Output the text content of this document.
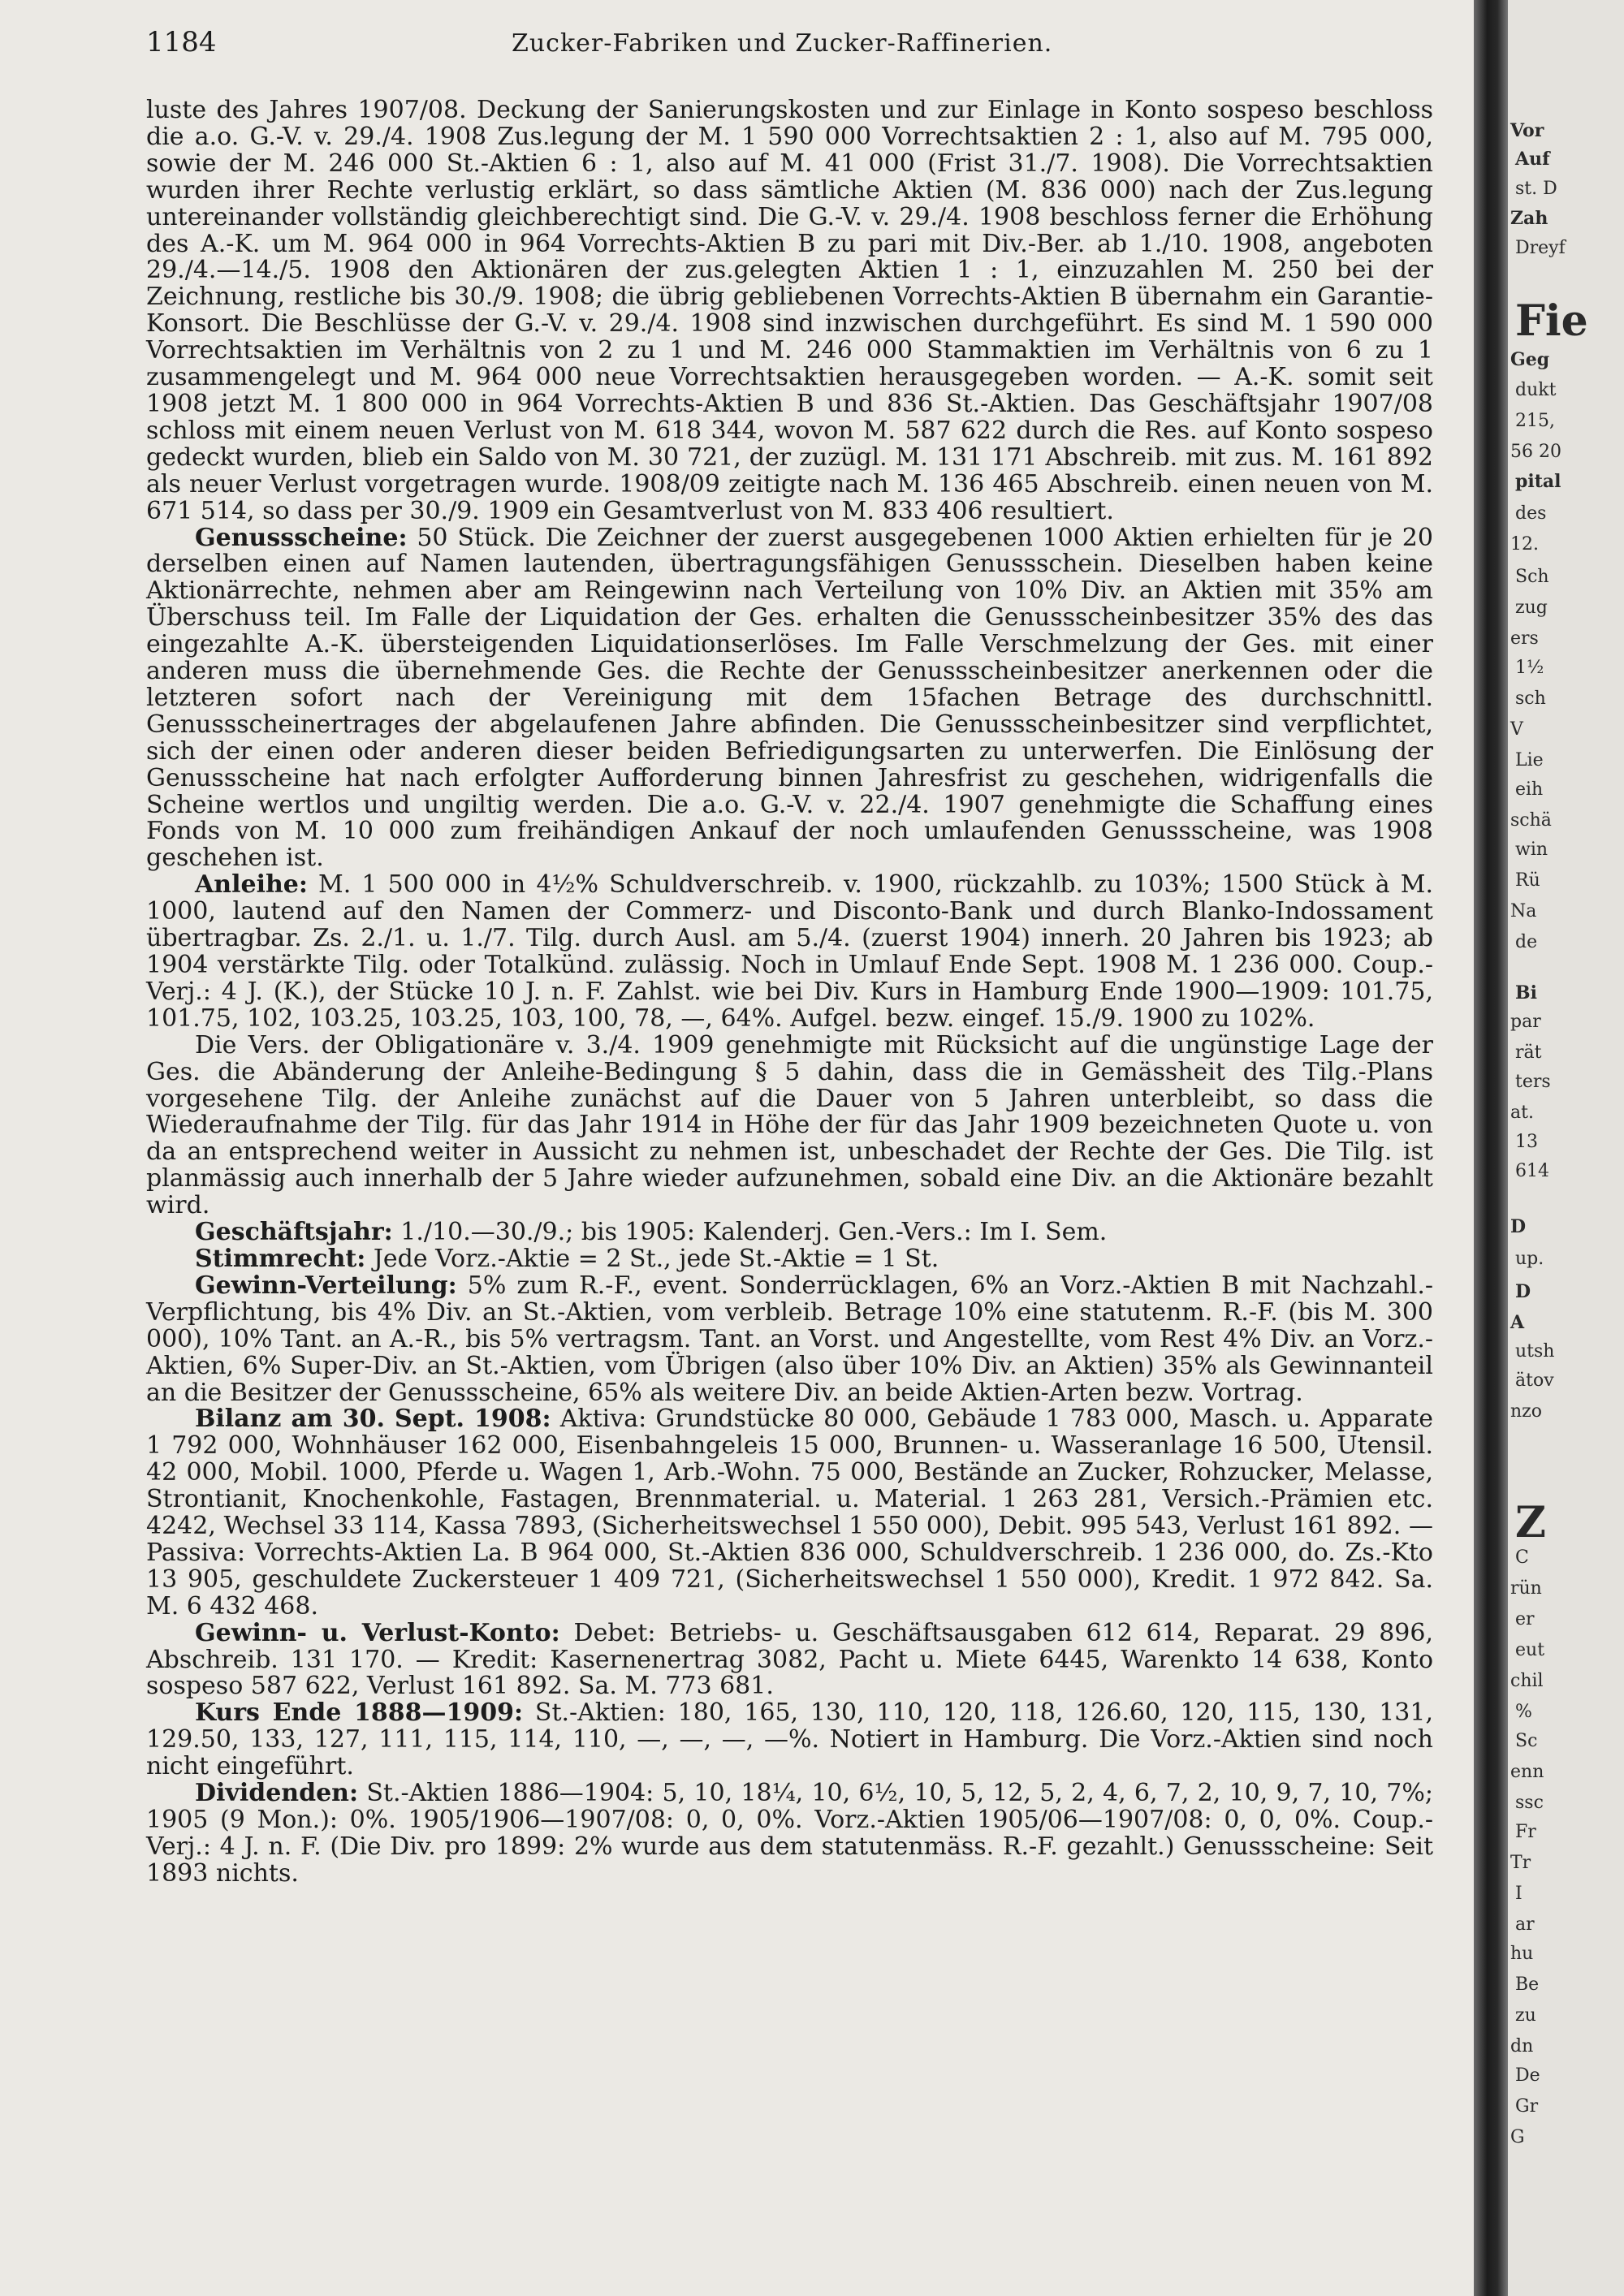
1184	Zucker-Fabriken und Zucker-Raffinerien.

luste des Jahres 1907/08. Deckung der Sanierungskosten und zur Einlage in Konto sospeso beschloss die a.o. G.-V. v. 29./4. 1908 Zus.legung der M. 1 590 000 Vorrechtsaktien 2 : 1, also auf M. 795 000, sowie der M. 246 000 St.-Aktien 6 : 1, also auf M. 41 000 (Frist 31./7. 1908). Die Vorrechtsaktien wurden ihrer Rechte verlustig erklärt, so dass sämtliche Aktien (M. 836 000) nach der Zus.legung untereinander vollständig gleichberechtigt sind. Die G.-V. v. 29./4. 1908 beschloss ferner die Erhöhung des A.-K. um M. 964 000 in 964 Vorrechts-Aktien B zu pari mit Div.-Ber. ab 1./10. 1908, angeboten 29./4.—14./5. 1908 den Aktionären der zus.gelegten Aktien 1 : 1, einzuzahlen M. 250 bei der Zeichnung, restliche bis 30./9. 1908; die übrig gebliebenen Vorrechts-Aktien B übernahm ein Garantie-Konsort. Die Beschlüsse der G.-V. v. 29./4. 1908 sind inzwischen durchgeführt. Es sind M. 1 590 000 Vorrechtsaktien im Verhältnis von 2 zu 1 und M. 246 000 Stammaktien im Verhältnis von 6 zu 1 zusammengelegt und M. 964 000 neue Vorrechtsaktien herausgegeben worden. — A.-K. somit seit 1908 jetzt M. 1 800 000 in 964 Vorrechts-Aktien B und 836 St.-Aktien. Das Geschäftsjahr 1907/08 schloss mit einem neuen Verlust von M. 618 344, wovon M. 587 622 durch die Res. auf Konto sospeso gedeckt wurden, blieb ein Saldo von M. 30 721, der zuzügl. M. 131 171 Abschreib. mit zus. M. 161 892 als neuer Verlust vorgetragen wurde. 1908/09 zeitigte nach M. 136 465 Abschreib. einen neuen von M. 671 514, so dass per 30./9. 1909 ein Gesamtverlust von M. 833 406 resultiert.

Genussscheine: 50 Stück. Die Zeichner der zuerst ausgegebenen 1000 Aktien erhielten für je 20 derselben einen auf Namen lautenden, übertragungsfähigen Genussschein. Dieselben haben keine Aktionärrechte, nehmen aber am Reingewinn nach Verteilung von 10% Div. an Aktien mit 35% am Überschuss teil. Im Falle der Liquidation der Ges. erhalten die Genussscheinbesitzer 35% des das eingezahlte A.-K. übersteigenden Liquidationserlöses. Im Falle Verschmelzung der Ges. mit einer anderen muss die übernehmende Ges. die Rechte der Genussscheinbesitzer anerkennen oder die letzteren sofort nach der Vereinigung mit dem 15fachen Betrage des durchschnittl. Genussscheinertrages der abgelaufenen Jahre abfinden. Die Genussscheinbesitzer sind verpflichtet, sich der einen oder anderen dieser beiden Befriedigungsarten zu unterwerfen. Die Einlösung der Genussscheine hat nach erfolgter Aufforderung binnen Jahresfrist zu geschehen, widrigenfalls die Scheine wertlos und ungiltig werden. Die a.o. G.-V. v. 22./4. 1907 genehmigte die Schaffung eines Fonds von M. 10 000 zum freihändigen Ankauf der noch umlaufenden Genussscheine, was 1908 geschehen ist.

Anleihe: M. 1 500 000 in 4½% Schuldverschreib. v. 1900, rückzahlb. zu 103%; 1500 Stück à M. 1000, lautend auf den Namen der Commerz- und Disconto-Bank und durch Blanko-Indossament übertragbar. Zs. 2./1. u. 1./7. Tilg. durch Ausl. am 5./4. (zuerst 1904) innerh. 20 Jahren bis 1923; ab 1904 verstärkte Tilg. oder Totalkünd. zulässig. Noch in Umlauf Ende Sept. 1908 M. 1 236 000. Coup.-Verj.: 4 J. (K.), der Stücke 10 J. n. F. Zahlst. wie bei Div. Kurs in Hamburg Ende 1900—1909: 101.75, 101.75, 102, 103.25, 103.25, 103, 100, 78, —, 64%. Aufgel. bezw. eingef. 15./9. 1900 zu 102%.

Die Vers. der Obligationäre v. 3./4. 1909 genehmigte mit Rücksicht auf die ungünstige Lage der Ges. die Abänderung der Anleihe-Bedingung § 5 dahin, dass die in Gemässheit des Tilg.-Plans vorgesehene Tilg. der Anleihe zunächst auf die Dauer von 5 Jahren unterbleibt, so dass die Wiederaufnahme der Tilg. für das Jahr 1914 in Höhe der für das Jahr 1909 bezeichneten Quote u. von da an entsprechend weiter in Aussicht zu nehmen ist, unbeschadet der Rechte der Ges. Die Tilg. ist planmässig auch innerhalb der 5 Jahre wieder aufzunehmen, sobald eine Div. an die Aktionäre bezahlt wird.

Geschäftsjahr: 1./10.—30./9.; bis 1905: Kalenderj. Gen.-Vers.: Im I. Sem.

Stimmrecht: Jede Vorz.-Aktie = 2 St., jede St.-Aktie = 1 St.

Gewinn-Verteilung: 5% zum R.-F., event. Sonderrücklagen, 6% an Vorz.-Aktien B mit Nachzahl.-Verpflichtung, bis 4% Div. an St.-Aktien, vom verbleib. Betrage 10% eine statutenm. R.-F. (bis M. 300 000), 10% Tant. an A.-R., bis 5% vertragsm. Tant. an Vorst. und Angestellte, vom Rest 4% Div. an Vorz.-Aktien, 6% Super-Div. an St.-Aktien, vom Übrigen (also über 10% Div. an Aktien) 35% als Gewinnanteil an die Besitzer der Genussscheine, 65% als weitere Div. an beide Aktien-Arten bezw. Vortrag.

Bilanz am 30. Sept. 1908: Aktiva: Grundstücke 80 000, Gebäude 1 783 000, Masch. u. Apparate 1 792 000, Wohnhäuser 162 000, Eisenbahngeleis 15 000, Brunnen- u. Wasseranlage 16 500, Utensil. 42 000, Mobil. 1000, Pferde u. Wagen 1, Arb.-Wohn. 75 000, Bestände an Zucker, Rohzucker, Melasse, Strontianit, Knochenkohle, Fastagen, Brennmaterial. u. Material. 1 263 281, Versich.-Prämien etc. 4242, Wechsel 33 114, Kassa 7893, (Sicherheitswechsel 1 550 000), Debit. 995 543, Verlust 161 892. — Passiva: Vorrechts-Aktien La. B 964 000, St.-Aktien 836 000, Schuldverschreib. 1 236 000, do. Zs.-Kto 13 905, geschuldete Zuckersteuer 1 409 721, (Sicherheitswechsel 1 550 000), Kredit. 1 972 842. Sa. M. 6 432 468.

Gewinn- u. Verlust-Konto: Debet: Betriebs- u. Geschäftsausgaben 612 614, Reparat. 29 896, Abschreib. 131 170. — Kredit: Kasernenertrag 3082, Pacht u. Miete 6445, Warenkto 14 638, Konto sospeso 587 622, Verlust 161 892. Sa. M. 773 681.

Kurs Ende 1888—1909: St.-Aktien: 180, 165, 130, 110, 120, 118, 126.60, 120, 115, 130, 131, 129.50, 133, 127, 111, 115, 114, 110, —, —, —, —%. Notiert in Hamburg. Die Vorz.-Aktien sind noch nicht eingeführt.

Dividenden: St.-Aktien 1886—1904: 5, 10, 18¼, 10, 6½, 10, 5, 12, 5, 2, 4, 6, 7, 2, 10, 9, 7, 10, 7%; 1905 (9 Mon.): 0%. 1905/1906—1907/08: 0, 0, 0%. Vorz.-Aktien 1905/06—1907/08: 0, 0, 0%. Coup.-Verj.: 4 J. n. F. (Die Div. pro 1899: 2% wurde aus dem statutenmäss. R.-F. gezahlt.) Genussscheine: Seit 1893 nichts.

Vor
Auf
st. D
Zah
Dreyf
Fie
Geg
dukt
215,
56 20
pital
des
12.
Sch
zug
ers
1½
sch
V
Lie
eih
schä
win
Rü
Na
de
Bi
par
rät
ters
at.
13
614
D
up.
D
A
utsh
ätov
nzo
Z
C
rün
er
eut
chil
%
Sc
enn
ssc
Fr
Tr
I
ar
hu
Be
zu
dn
De
Gr
G
